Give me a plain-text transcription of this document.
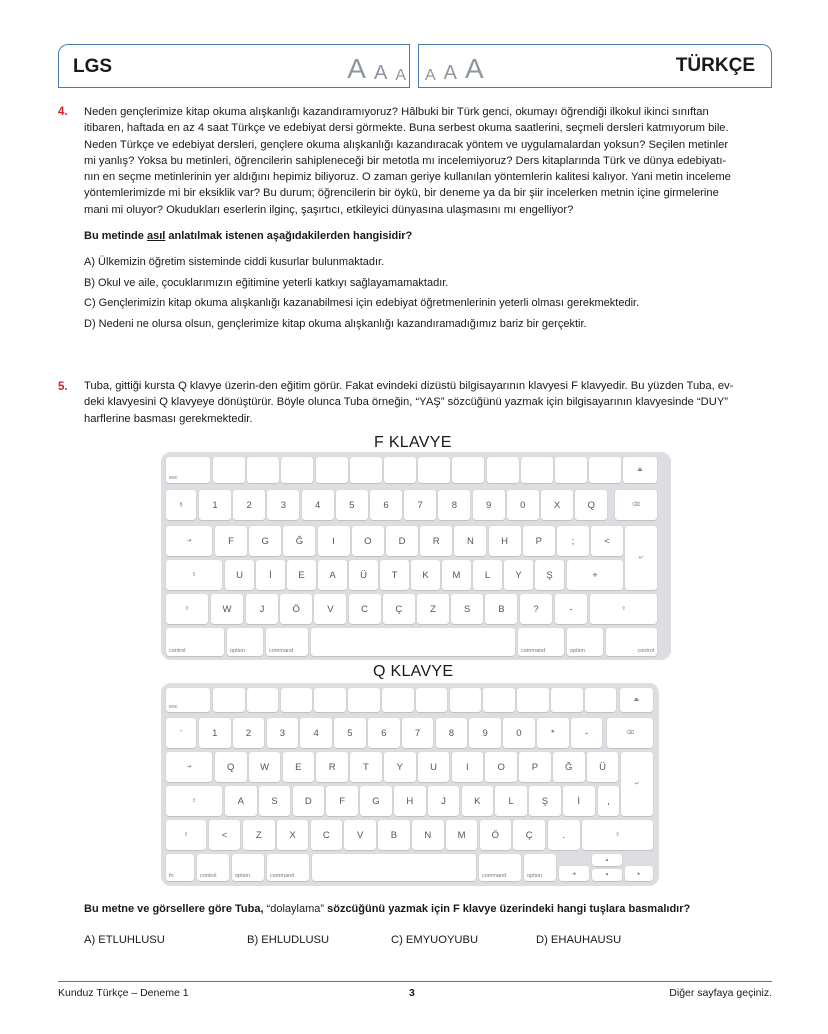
LGS	A A A A A A	TÜRKÇE
4. Neden gençlerimize kitap okuma alışkanlığı kazandıramıyoruz? Hâlbuki bir Türk genci, okumayı öğrendiği ilkokul ikinci sınıftan
itibaren, haftada en az 4 saat Türkçe ve edebiyat dersi görmekte. Buna serbest okuma saatlerini, seçmeli dersleri katmıyorum bile.
Neden Türkçe ve edebiyat dersleri, gençlere okuma alışkanlığı kazandıracak yöntem ve uygulamalardan yoksun? Seçilen metinler
mi yanlış? Yoksa bu metinleri, öğrencilerin sahipleneceği bir metotla mı incelemiyoruz? Ders kitaplarında Türk ve dünya edebiyatı-
nın en seçme metinlerinin yer aldığını hepimiz biliyoruz. O zaman geriye kullanılan yöntemlerin kalitesi kalıyor. Yani metin inceleme
yöntemlerimizde mi bir eksiklik var? Bu durum; öğrencilerin bir öykü, bir deneme ya da bir şiir incelerken metnin içine girmelerine
mani mi oluyor? Okudukları eserlerin ilginç, şaşırtıcı, etkileyici dünyasına ulaşmasını mı engelliyor?
Bu metinde asıl anlatılmak istenen aşağıdakilerden hangisidir?
A) Ülkemizin öğretim sisteminde ciddi kusurlar bulunmaktadır.
B) Okul ve aile, çocuklarımızın eğitimine yeterli katkıyı sağlayamamaktadır.
C) Gençlerimizin kitap okuma alışkanlığı kazanabilmesi için edebiyat öğretmenlerinin yeterli olması gerekmektedir.
D) Nedeni ne olursa olsun, gençlerimize kitap okuma alışkanlığı kazandıramadığımız bariz bir gerçektir.
5. Tuba, gittiği kursta Q klavye üzerin-den eğitim görür. Fakat evindeki dizüstü bilgisayarının klavyesi F klavyedir. Bu yüzden Tuba, ev-
deki klavyesini Q klavyeye dönüştürür. Böyle olunca Tuba örneğin, “YAŞ” sözcüğünü yazmak için bilgisayarının klavyesinde “DUY”
harflerine basması gerekmektedir.
F KLAVYE
esc
⏏
§	1	2	3	4	5	6	7	8	9	0	X	Q	⌫
⇥	F	G	Ğ	I	O	D	R	N	H	P	;	<
↵
⇪	U	İ	E	A	Ü	T	K	M	L	Y	Ş	+
⇧	W	J	Ö	V	C	Ç	Z	S	B	?	-	⇧
control	option	command	command	option	control
Q KLAVYE
esc
⏏
"	1	2	3	4	5	6	7	8	9	0	*	-	⌫
⇥	Q	W	E	R	T	Y	U	I	O	P	Ğ	Ü
↵
⇪	A	S	D	F	G	H	J	K	L	Ş	İ	,
⇧	<	Z	X	C	V	B	N	M	Ö	Ç	.	⇧
fn	control	option	command	command	option	◂
▴
▾	▸
Bu metne ve görsellere göre Tuba, “dolaylama” sözcüğünü yazmak için F klavye üzerindeki hangi tuşlara basmalıdır?
A) ETLUHLUSU	B) EHLUDLUSU	C) EMYUOYUBU	D) EHAUHAUSU
Kunduz Türkçe – Deneme 1	3	Diğer sayfaya geçiniz.
